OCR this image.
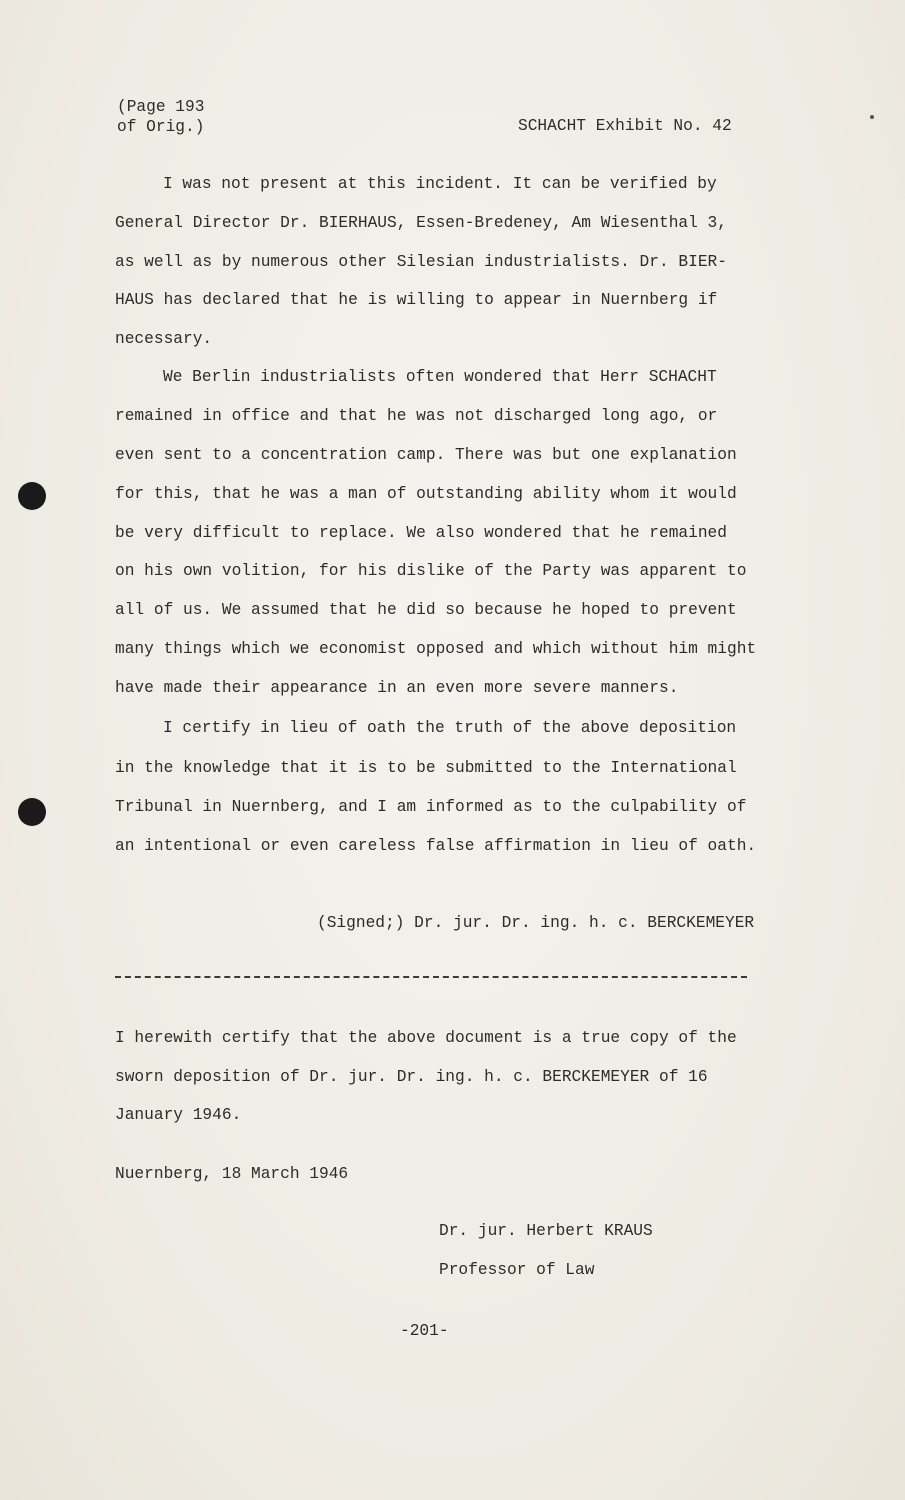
(Page 193
of Orig.)	SCHACHT Exhibit No. 42
I was not present at this incident. It can be verified by
General Director Dr. BIERHAUS, Essen-Bredeney, Am Wiesenthal 3,
as well as by numerous other Silesian industrialists. Dr. BIER-
HAUS has declared that he is willing to appear in Nuernberg if
necessary.
We Berlin industrialists often wondered that Herr SCHACHT
remained in office and that he was not discharged long ago, or
even sent to a concentration camp. There was but one explanation
for this, that he was a man of outstanding ability whom it would
be very difficult to replace. We also wondered that he remained
on his own volition, for his dislike of the Party was apparent to
all of us. We assumed that he did so because he hoped to prevent
many things which we economist opposed and which without him might
have made their appearance in an even more severe manners.
I certify in lieu of oath the truth of the above deposition
in the knowledge that it is to be submitted to the International
Tribunal in Nuernberg, and I am informed as to the culpability of
an intentional or even careless false affirmation in lieu of oath.
(Signed;) Dr. jur. Dr. ing. h. c. BERCKEMEYER
I herewith certify that the above document is a true copy of the
sworn deposition of Dr. jur. Dr. ing. h. c. BERCKEMEYER of 16
January 1946.
Nuernberg, 18 March 1946
Dr. jur. Herbert KRAUS
Professor of Law
-201-
